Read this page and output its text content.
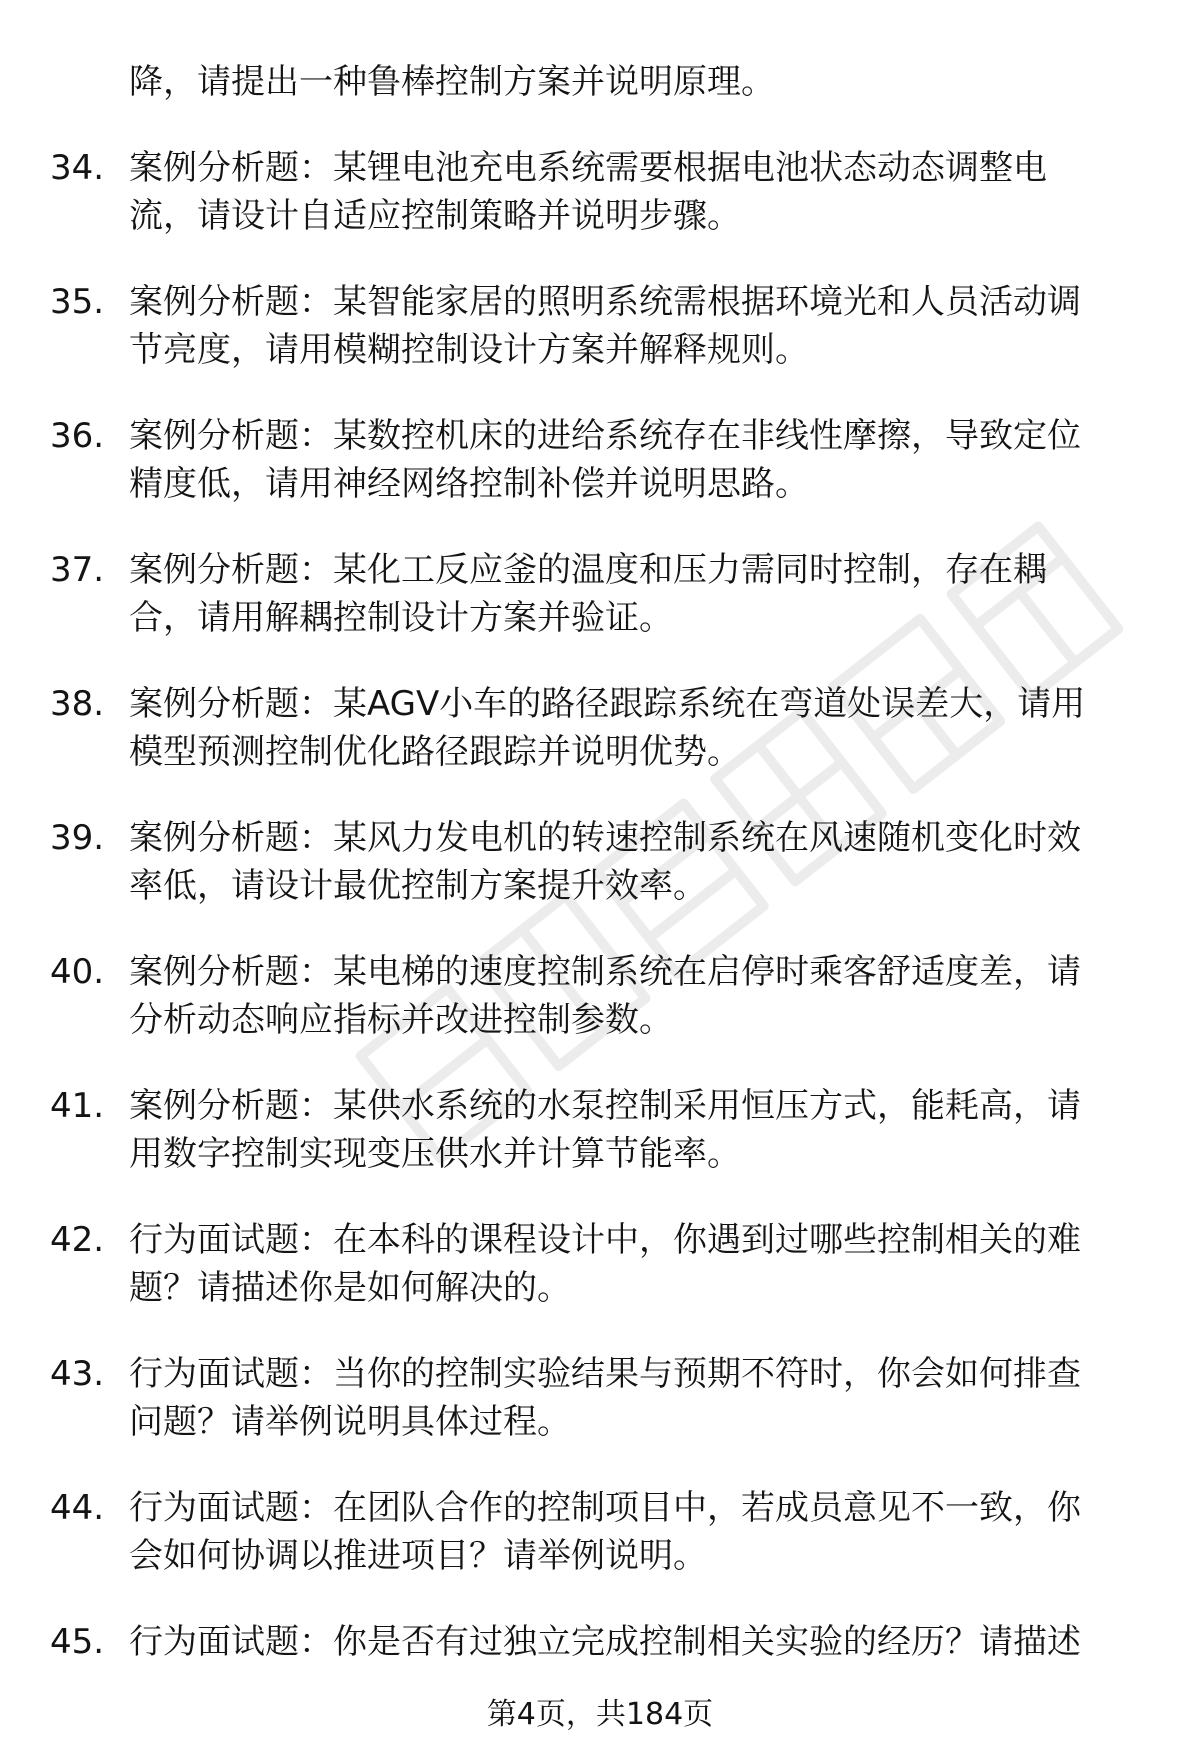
降，请提出一种鲁棒控制方案并说明原理。
34. 案例分析题：某锂电池充电系统需要根据电池状态动态调整电
流，请设计自适应控制策略并说明步骤。
35. 案例分析题：某智能家居的照明系统需根据环境光和人员活动调
节亮度，请用模糊控制设计方案并解释规则。
36. 案例分析题：某数控机床的进给系统存在非线性摩擦，导致定位
精度低，请用神经网络控制补偿并说明思路。
37. 案例分析题：某化工反应釜的温度和压力需同时控制，存在耦
合，请用解耦控制设计方案并验证。
38. 案例分析题：某AGV小车的路径跟踪系统在弯道处误差大，请用
模型预测控制优化路径跟踪并说明优势。
39. 案例分析题：某风力发电机的转速控制系统在风速随机变化时效
率低，请设计最优控制方案提升效率。
40. 案例分析题：某电梯的速度控制系统在启停时乘客舒适度差，请
分析动态响应指标并改进控制参数。
41. 案例分析题：某供水系统的水泵控制采用恒压方式，能耗高，请
用数字控制实现变压供水并计算节能率。
42. 行为面试题：在本科的课程设计中，你遇到过哪些控制相关的难
题？请描述你是如何解决的。
43. 行为面试题：当你的控制实验结果与预期不符时，你会如何排查
问题？请举例说明具体过程。
44. 行为面试题：在团队合作的控制项目中，若成员意见不一致，你
会如何协调以推进项目？请举例说明。
45. 行为面试题：你是否有过独立完成控制相关实验的经历？请描述
第4页，共184页
